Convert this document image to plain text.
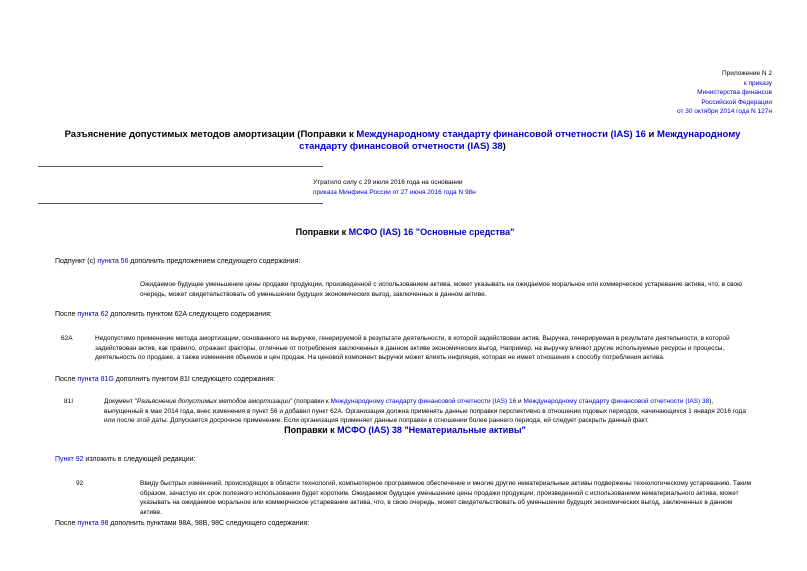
Приложение N 2
к приказу
Министерства финансов
Российской Федерации
от 30 октября 2014 года N 127н
Разъяснение допустимых методов амортизации (Поправки к Международному стандарту финансовой отчетности (IAS) 16 и Международному стандарту финансовой отчетности (IAS) 38)
Утратило силу с 29 июля 2016 года на основании
приказа Минфина России от 27 июня 2016 года N 98н
Поправки к МСФО (IAS) 16 "Основные средства"
Подпункт (c) пункта 56 дополнить предложением следующего содержания:
Ожидаемое будущее уменьшение цены продажи продукции, произведенной с использованием актива, может указывать на ожидаемое моральное или коммерческое устаревание актива, что, в свою очередь, может свидетельствовать об уменьшении будущих экономических выгод, заключенных в данном активе.
После пункта 62 дополнить пунктом 62A следующего содержания:
62A	Недопустимо применение метода амортизации, основанного на выручке, генерируемой в результате деятельности, в которой задействован актив. Выручка, генерируемая в результате деятельности, в которой задействован актив, как правило, отражает факторы, отличные от потребления заключенных в данном активе экономических выгод. Например, на выручку влияют другие используемые ресурсы и процессы, деятельность по продаже, а также изменения объемов и цен продаж. На ценовой компонент выручки может влиять инфляция, которая не имеет отношения к способу потребления актива.
После пункта 81G дополнить пунктом 81I следующего содержания:
81I	Документ "Разъяснение допустимых методов амортизации" (поправки к Международному стандарту финансовой отчетности (IAS) 16 и Международному стандарту финансовой отчетности (IAS) 38), выпущенный в мае 2014 года, внес изменения в пункт 56 и добавил пункт 62A. Организация должна применять данные поправки перспективно в отношении годовых периодов, начинающихся 1 января 2016 года или после этой даты. Допускается досрочное применение. Если организация применяет данные поправки в отношении более раннего периода, ей следует раскрыть данный факт.
Поправки к МСФО (IAS) 38 "Нематериальные активы"
Пункт 92 изложить в следующей редакции:
92	Ввиду быстрых изменений, происходящих в области технологий, компьютерное программное обеспечение и многие другие нематериальные активы подвержены технологическому устареванию. Таким образом, зачастую их срок полезного использования будет коротким. Ожидаемое будущее уменьшение цены продажи продукции, произведенной с использованием нематериального актива, может указывать на ожидаемое моральное или коммерческое устаревание актива, что, в свою очередь, может свидетельствовать об уменьшении будущих экономических выгод, заключенных в данном активе.
После пункта 98 дополнить пунктами 98A, 98B, 98C следующего содержания:
